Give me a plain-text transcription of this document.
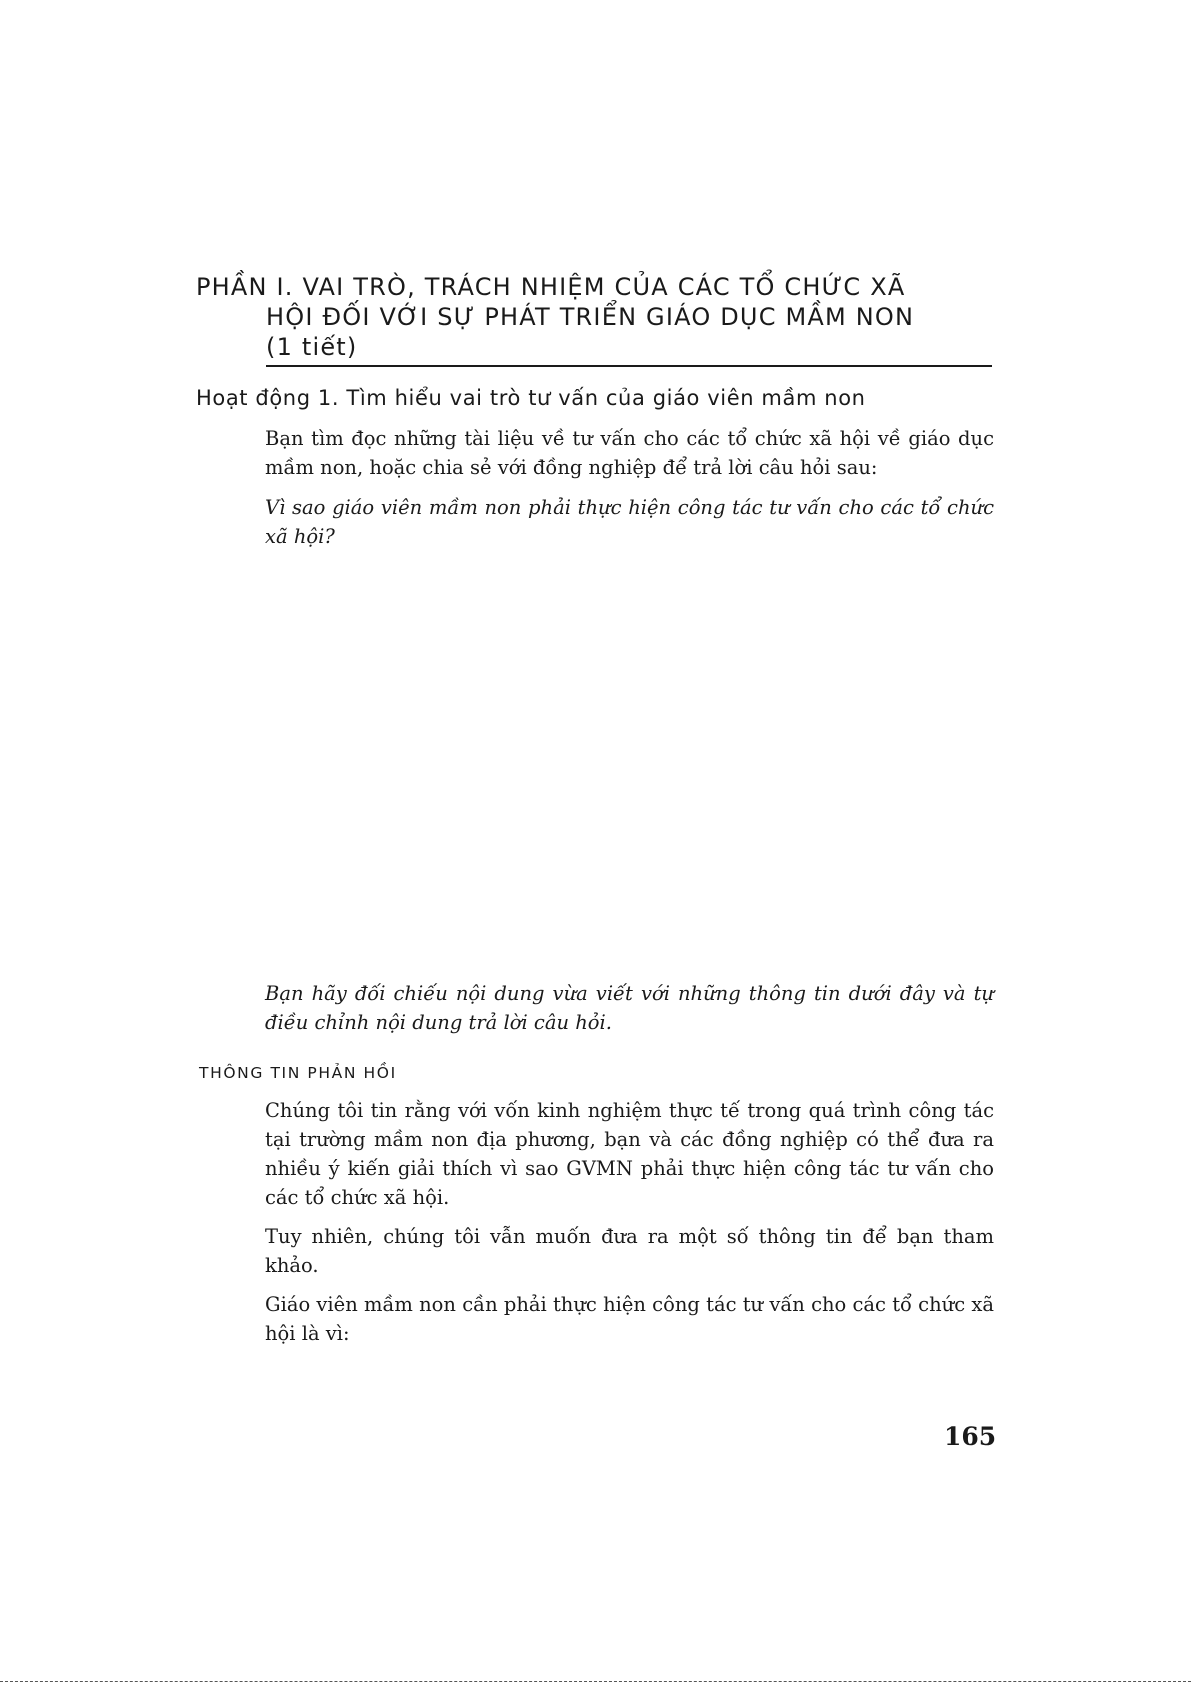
PHẦN I. VAI TRÒ, TRÁCH NHIỆM CỦA CÁC TỔ CHỨC XÃ
HỘI ĐỐI VỚI SỰ PHÁT TRIỂN GIÁO DỤC MẦM NON
(1 tiết)
Hoạt động 1. Tìm hiểu vai trò tư vấn của giáo viên mầm non

Bạn tìm đọc những tài liệu về tư vấn cho các tổ chức xã hội về giáo dục mầm non, hoặc chia sẻ với đồng nghiệp để trả lời câu hỏi sau:

Vì sao giáo viên mầm non phải thực hiện công tác tư vấn cho các tổ chức xã hội?

Bạn hãy đối chiếu nội dung vừa viết với những thông tin dưới đây và tự điều chỉnh nội dung trả lời câu hỏi.

THÔNG TIN PHẢN HỒI

Chúng tôi tin rằng với vốn kinh nghiệm thực tế trong quá trình công tác tại trường mầm non địa phương, bạn và các đồng nghiệp có thể đưa ra nhiều ý kiến giải thích vì sao GVMN phải thực hiện công tác tư vấn cho các tổ chức xã hội.

Tuy nhiên, chúng tôi vẫn muốn đưa ra một số thông tin để bạn tham khảo.

Giáo viên mầm non cần phải thực hiện công tác tư vấn cho các tổ chức xã hội là vì:

165
